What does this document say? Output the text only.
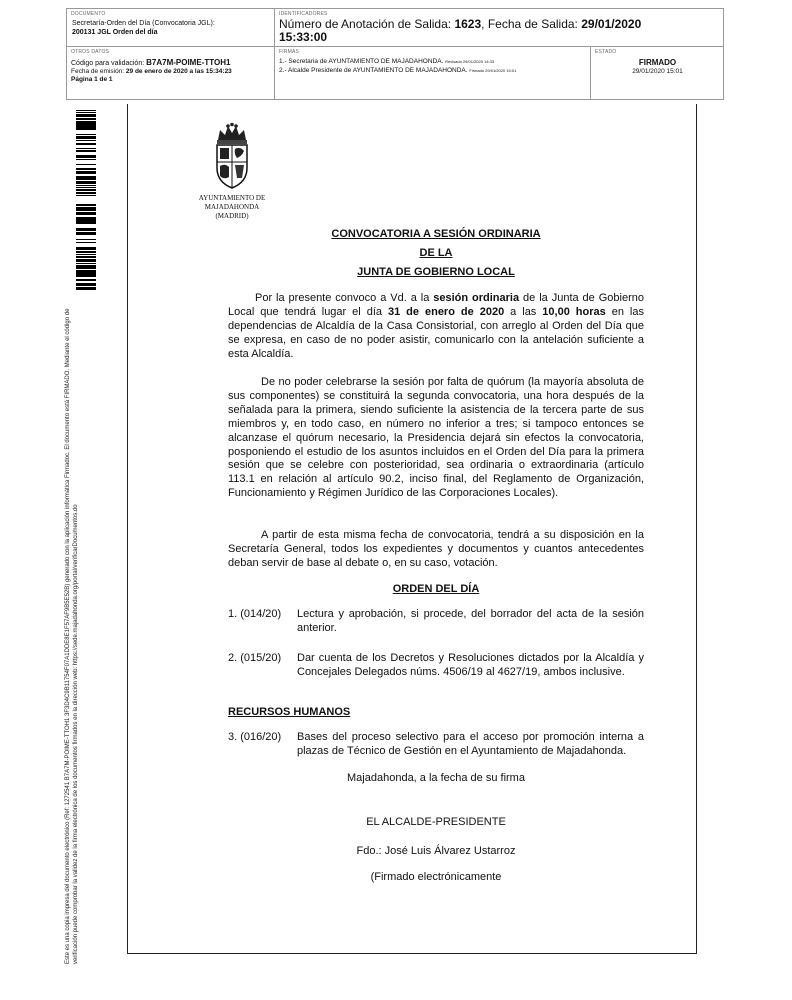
DOCUMENTO
Secretaría-Orden del Día (Convocatoria JGL):
200131 JGL Orden del día
IDENTIFICADORES
Número de Anotación de Salida: 1623, Fecha de Salida: 29/01/2020
15:33:00
OTROS DATOS
Código para validación: B7A7M-POIME-TTOH1
Fecha de emisión: 29 de enero de 2020 a las 15:34:23
Página 1 de 1
FIRMAS
1.- Secretaria de AYUNTAMIENTO DE MAJADAHONDA. Revisado 29/01/2020 14:33
2.- Alcalde Presidente de AYUNTAMIENTO DE MAJADAHONDA. Firmado 29/01/2020 15:01
ESTADO
FIRMADO
29/01/2020 15:01
Este es una copia impresa del documento electrónico (Ref: 1272541 B7A7M-POIME-TTOH1 3F3D4C9B11754F07A1DDE8E1F57AF9B5E52B) generado con la aplicación informática Firmadoc. El documento está FIRMADO. Mediante el código de verificación puede comprobar la validez de la firma electrónica de los documentos firmados en la dirección web: https://sede.majadahonda.org/portal/verificarDocumentos.do
AYUNTAMIENTO DE
MAJADAHONDA
(MADRID)
CONVOCATORIA A SESIÓN ORDINARIA
DE LA
JUNTA DE GOBIERNO LOCAL
Por la presente convoco a Vd. a la sesión ordinaria de la Junta de Gobierno Local que tendrá lugar el día 31 de enero de 2020 a las 10,00 horas en las dependencias de Alcaldía de la Casa Consistorial, con arreglo al Orden del Día que se expresa, en caso de no poder asistir, comunicarlo con la antelación suficiente a esta Alcaldía.
De no poder celebrarse la sesión por falta de quórum (la mayoría absoluta de sus componentes) se constituirá la segunda convocatoria, una hora después de la señalada para la primera, siendo suficiente la asistencia de la tercera parte de sus miembros y, en todo caso, en número no inferior a tres; si tampoco entonces se alcanzase el quórum necesario, la Presidencia dejará sin efectos la convocatoria, posponiendo el estudio de los asuntos incluidos en el Orden del Día para la primera sesión que se celebre con posterioridad, sea ordinaria o extraordinaria (artículo 113.1 en relación al artículo 90.2, inciso final, del Reglamento de Organización, Funcionamiento y Régimen Jurídico de las Corporaciones Locales).
A partir de esta misma fecha de convocatoria, tendrá a su disposición en la Secretaría General, todos los expedientes y documentos y cuantos antecedentes deban servir de base al debate o, en su caso, votación.
ORDEN DEL DÍA
1. (014/20)	Lectura y aprobación, si procede, del borrador del acta de la sesión anterior.
2. (015/20)	Dar cuenta de los Decretos y Resoluciones dictados por la Alcaldía y Concejales Delegados núms. 4506/19 al 4627/19, ambos inclusive.
RECURSOS HUMANOS
3. (016/20)	Bases del proceso selectivo para el acceso por promoción interna a plazas de Técnico de Gestión en el Ayuntamiento de Majadahonda.
Majadahonda, a la fecha de su firma
EL ALCALDE-PRESIDENTE
Fdo.: José Luis Álvarez Ustarroz
(Firmado electrónicamente
